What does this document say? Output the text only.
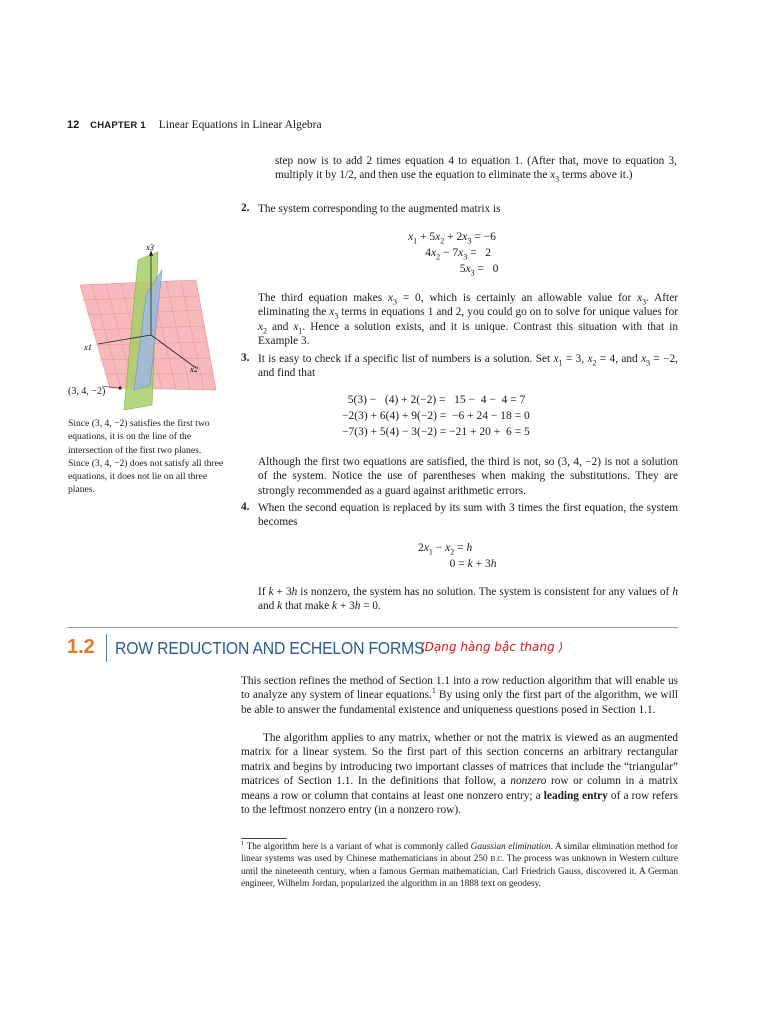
12 CHAPTER 1 Linear Equations in Linear Algebra
step now is to add 2 times equation 4 to equation 1. (After that, move to equation 3, multiply it by 1/2, and then use the equation to eliminate the $x_3$ terms above it.)
2. The system corresponding to the augmented matrix is
$x_1 + 5x_2 + 2x_3 = -6$
$4x_2 - 7x_3 = 2$
$5x_3 = 0$
The third equation makes $x_3 = 0$, which is certainly an allowable value for $x_3$. After eliminating the $x_3$ terms in equations 1 and 2, you could go on to solve for unique values for $x_2$ and $x_1$. Hence a solution exists, and it is unique. Contrast this situation with that in Example 3.
3. It is easy to check if a specific list of numbers is a solution. Set $x_1 = 3$, $x_2 = 4$, and $x_3 = -2$, and find that
5(3) −   (4) + 2(−2) =   15 −  4 −  4 = 7
−2(3) + 6(4) + 9(−2) =  −6 + 24 − 18 = 0
−7(3) + 5(4) − 3(−2) = −21 + 20 +  6 = 5
Although the first two equations are satisfied, the third is not, so (3, 4, −2) is not a solution of the system. Notice the use of parentheses when making the substitutions. They are strongly recommended as a guard against arithmetic errors.
4. When the second equation is replaced by its sum with 3 times the first equation, the system becomes
$2x_1 - x_2 = h$
0 = k + 3h
If k + 3h is nonzero, the system has no solution. The system is consistent for any values of h and k that make k + 3h = 0.
x3
x2
x1
(3, 4, −2)
Since (3, 4, −2) satisfies the first two equations, it is on the line of the intersection of the first two planes. Since (3, 4, −2) does not satisfy all three equations, it does not lie on all three planes.
1.2 ROW REDUCTION AND ECHELON FORMS
⟨Dạng hàng bậc thang ⟩
This section refines the method of Section 1.1 into a row reduction algorithm that will enable us to analyze any system of linear equations.$^1$ By using only the first part of the algorithm, we will be able to answer the fundamental existence and uniqueness questions posed in Section 1.1.
The algorithm applies to any matrix, whether or not the matrix is viewed as an augmented matrix for a linear system. So the first part of this section concerns an arbitrary rectangular matrix and begins by introducing two important classes of matrices that include the “triangular” matrices of Section 1.1. In the definitions that follow, a nonzero row or column in a matrix means a row or column that contains at least one nonzero entry; a leading entry of a row refers to the leftmost nonzero entry (in a nonzero row).
$^1$ The algorithm here is a variant of what is commonly called Gaussian elimination. A similar elimination method for linear systems was used by Chinese mathematicians in about 250 B.C. The process was unknown in Western culture until the nineteenth century, when a famous German mathematician, Carl Friedrich Gauss, discovered it. A German engineer, Wilhelm Jordan, popularized the algorithm in an 1888 text on geodesy.
